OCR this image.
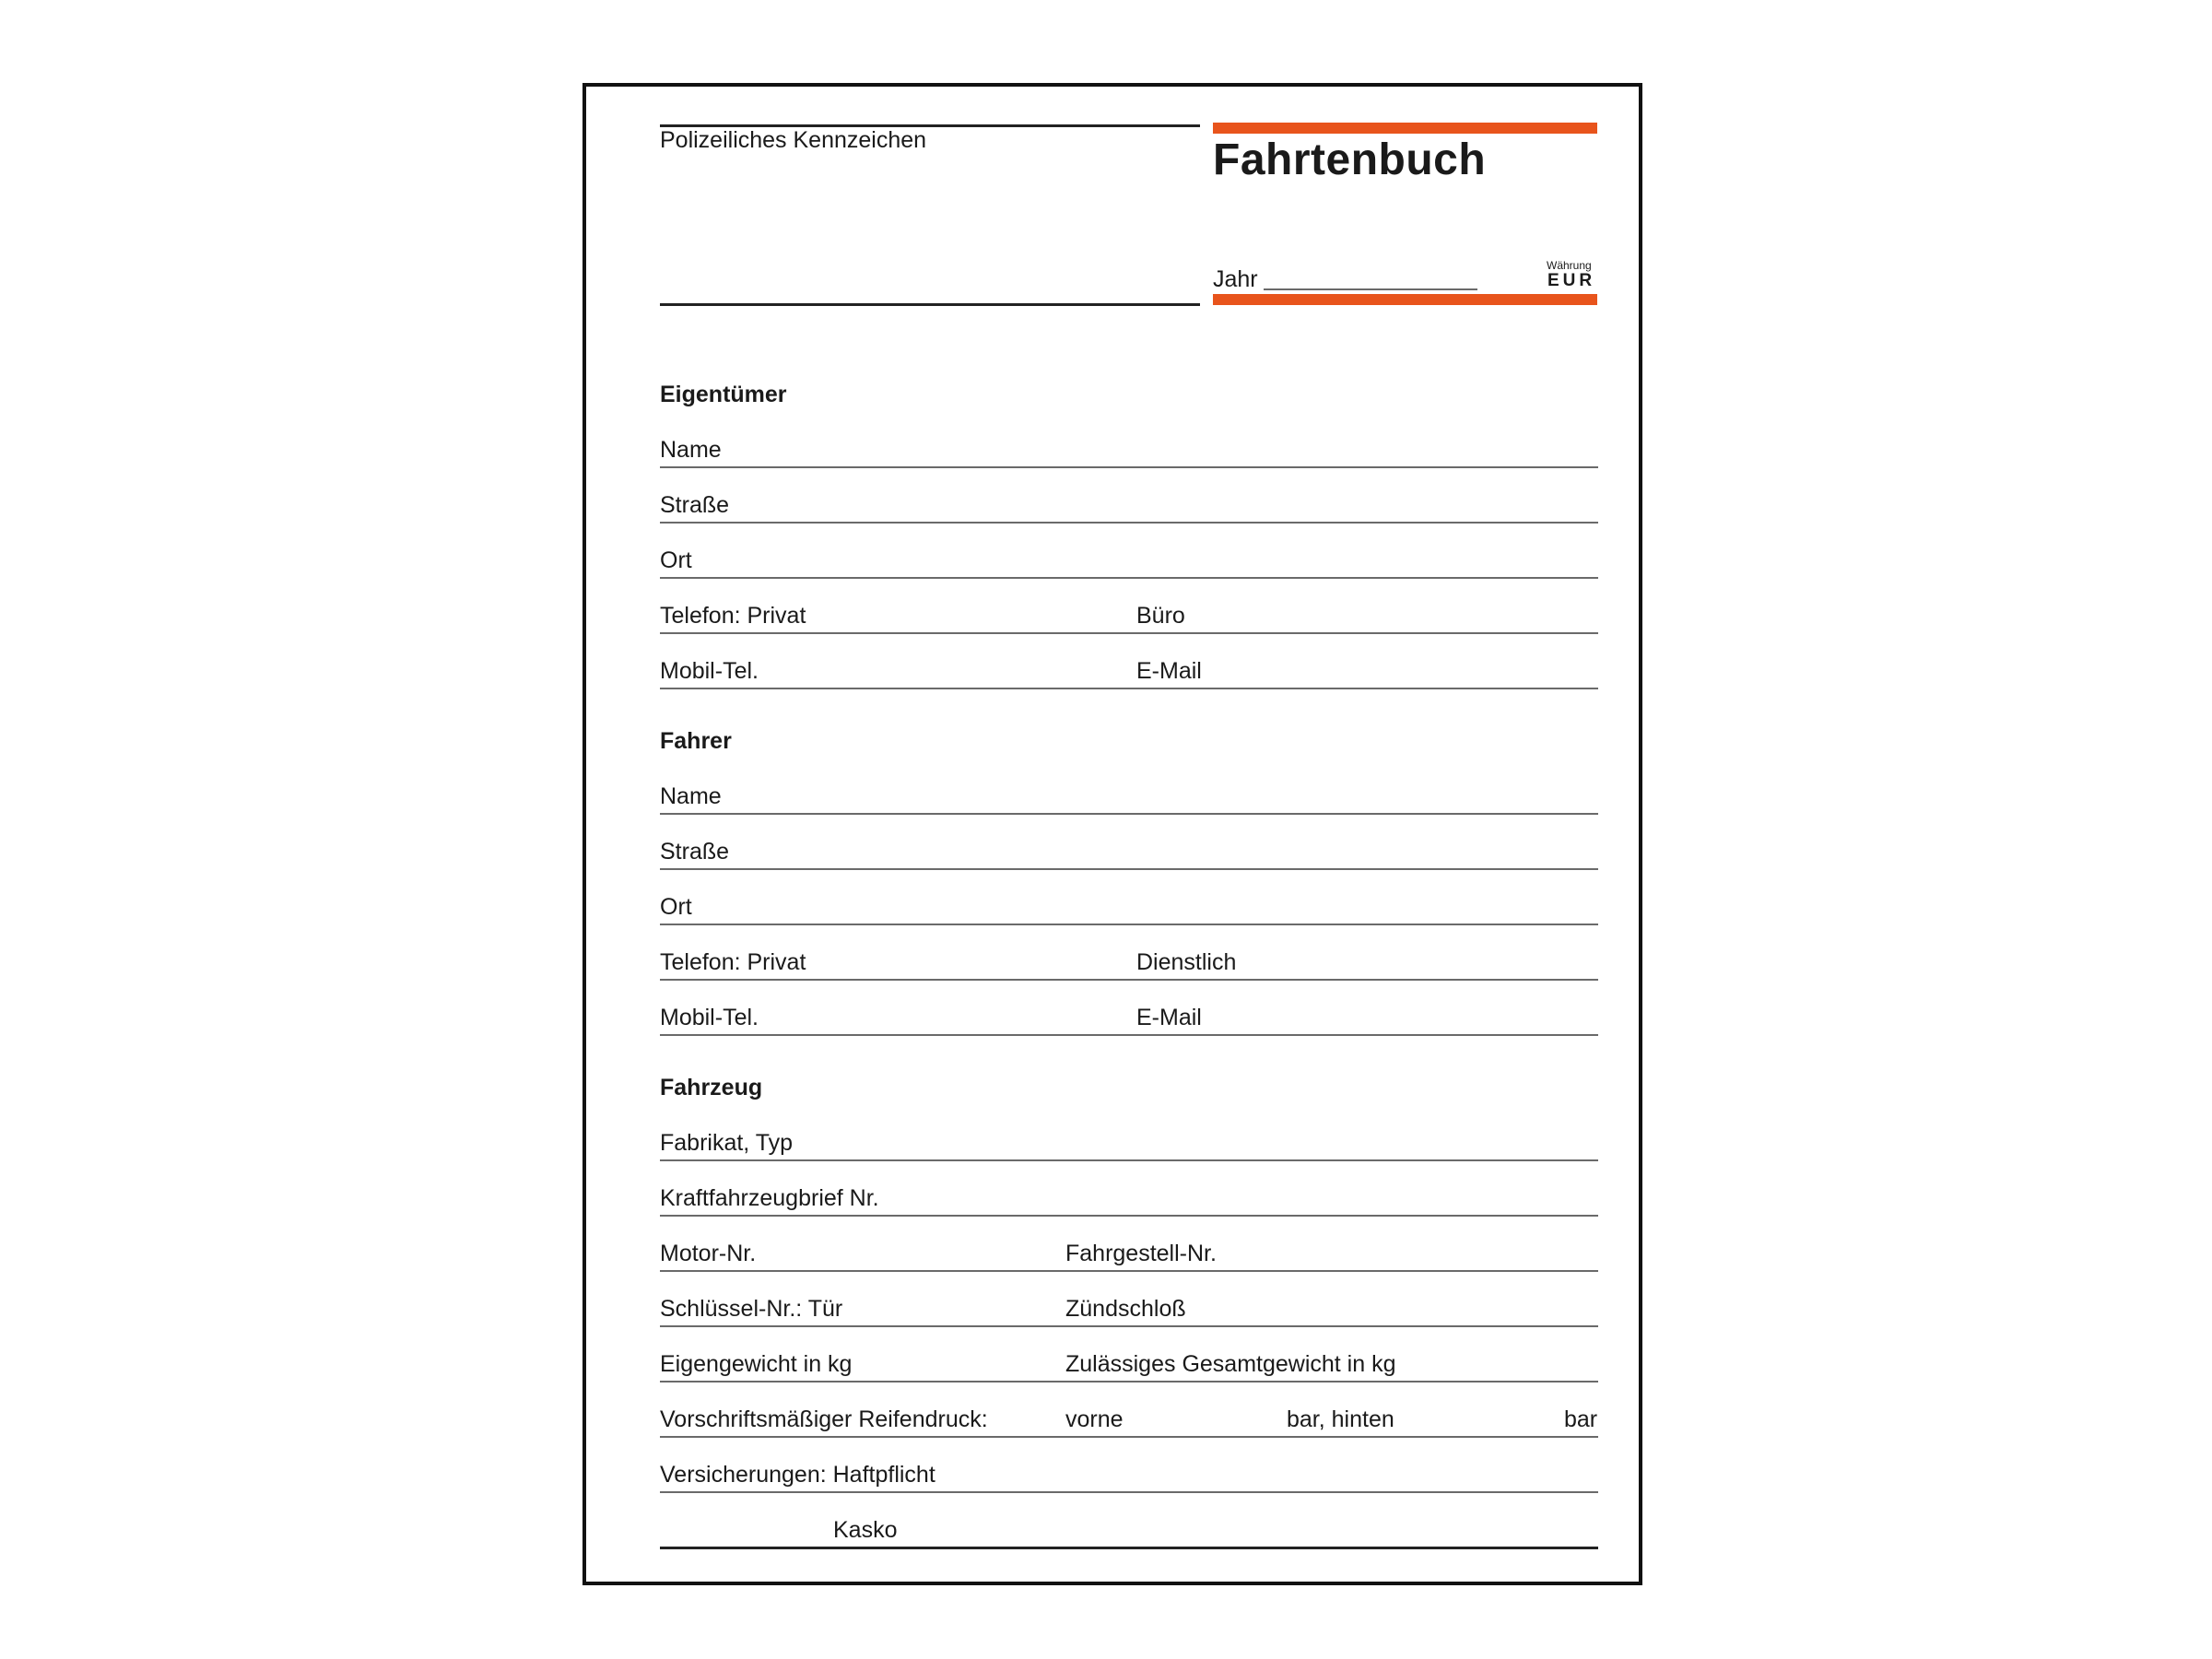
Polizeiliches Kennzeichen	Fahrtenbuch
Jahr
Währung
EUR
Eigentümer
Name
Straße
Ort
Telefon: Privat	Büro
Mobil-Tel.	E-Mail
Fahrer
Name
Straße
Ort
Telefon: Privat	Dienstlich
Mobil-Tel.	E-Mail
Fahrzeug
Fabrikat, Typ
Kraftfahrzeugbrief Nr.
Motor-Nr.	Fahrgestell-Nr.
Schlüssel-Nr.: Tür	Zündschloß
Eigengewicht in kg	Zulässiges Gesamtgewicht in kg
Vorschriftsmäßiger Reifendruck:	vorne	bar, hinten	bar
Versicherungen: Haftpflicht
Kasko
